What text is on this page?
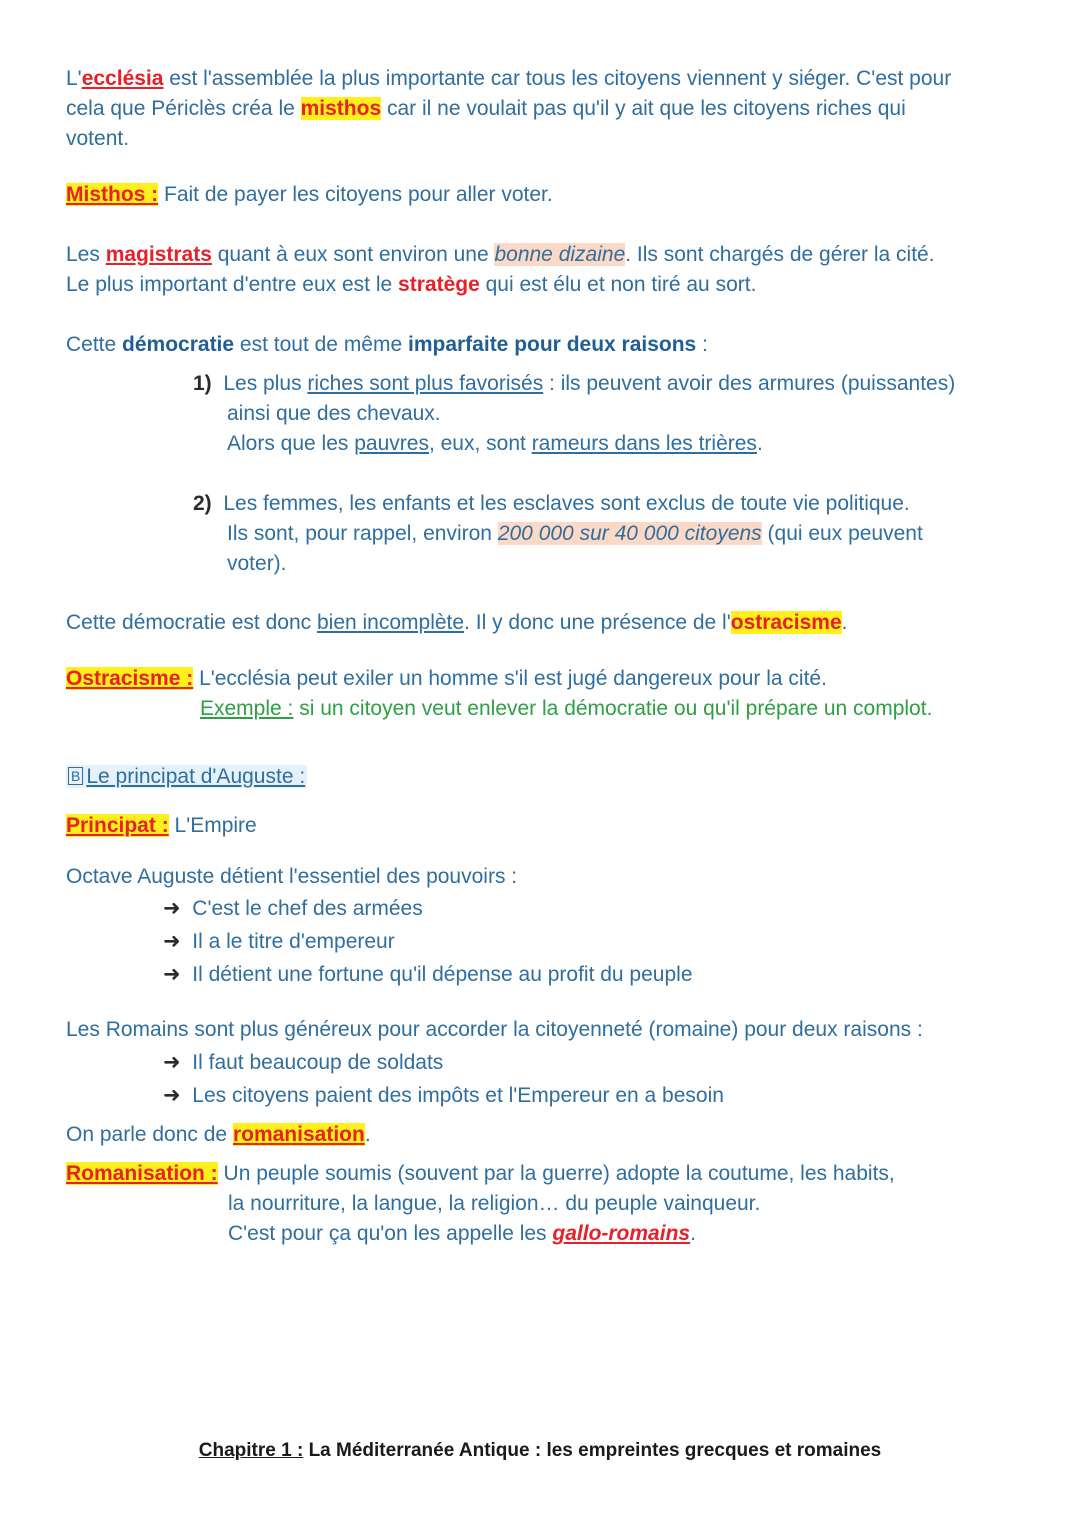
L'ecclésia est l'assemblée la plus importante car tous les citoyens viennent y siéger. C'est pour
cela que Périclès créa le misthos car il ne voulait pas qu'il y ait que les citoyens riches qui
votent.
Misthos : Fait de payer les citoyens pour aller voter.
Les magistrats quant à eux sont environ une bonne dizaine. Ils sont chargés de gérer la cité.
Le plus important d'entre eux est le stratège qui est élu et non tiré au sort.
Cette démocratie est tout de même imparfaite pour deux raisons :
1) Les plus riches sont plus favorisés : ils peuvent avoir des armures (puissantes)
ainsi que des chevaux.
Alors que les pauvres, eux, sont rameurs dans les trières.
2) Les femmes, les enfants et les esclaves sont exclus de toute vie politique.
Ils sont, pour rappel, environ 200 000 sur 40 000 citoyens (qui eux peuvent
voter).
Cette démocratie est donc bien incomplète. Il y donc une présence de l'ostracisme.
Ostracisme : L'ecclésia peut exiler un homme s'il est jugé dangereux pour la cité.
Exemple : si un citoyen veut enlever la démocratie ou qu'il prépare un complot.
B Le principat d'Auguste :
Principat : L'Empire
Octave Auguste détient l'essentiel des pouvoirs :
➜ C'est le chef des armées
➜ Il a le titre d'empereur
➜ Il détient une fortune qu'il dépense au profit du peuple
Les Romains sont plus généreux pour accorder la citoyenneté (romaine) pour deux raisons :
➜ Il faut beaucoup de soldats
➜ Les citoyens paient des impôts et l'Empereur en a besoin
On parle donc de romanisation.
Romanisation : Un peuple soumis (souvent par la guerre) adopte la coutume, les habits,
la nourriture, la langue, la religion… du peuple vainqueur.
C'est pour ça qu'on les appelle les gallo-romains.
Chapitre 1 : La Méditerranée Antique : les empreintes grecques et romaines
